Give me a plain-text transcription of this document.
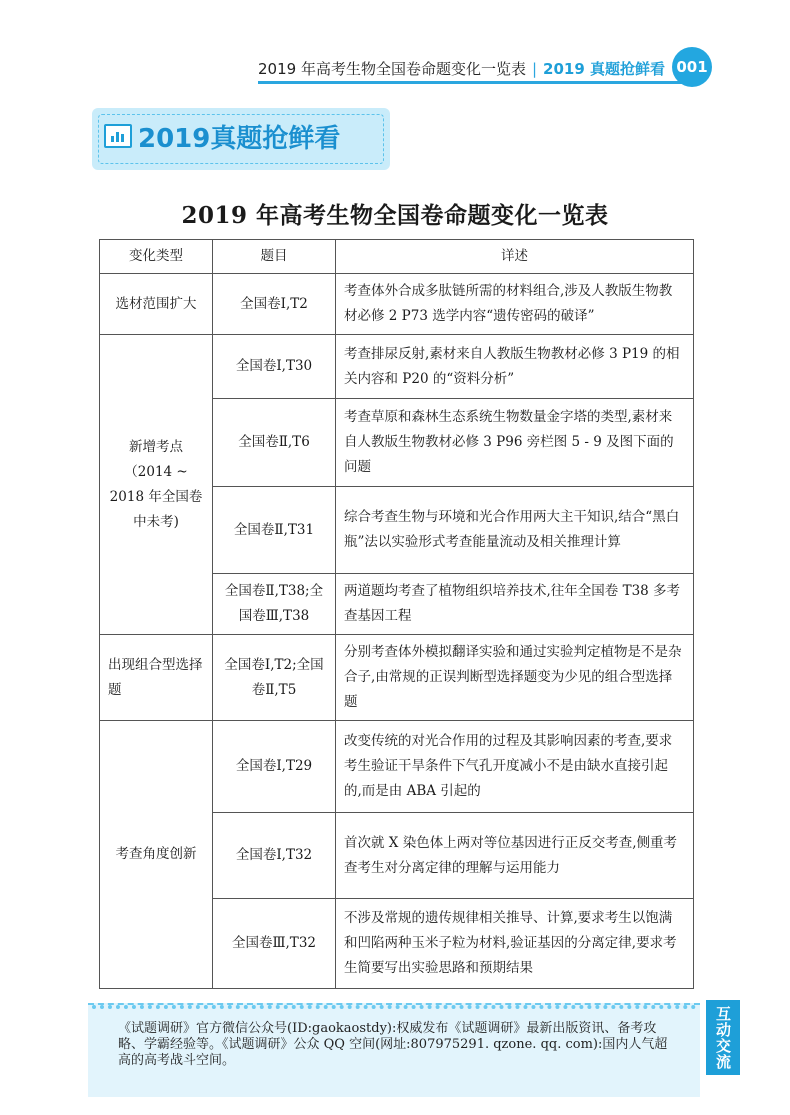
2019 年高考生物全国卷命题变化一览表 | 2019 真题抢鲜看 001
2019真题抢鲜看
2019 年高考生物全国卷命题变化一览表
变化类型	题目	详述
选材范围扩大	全国卷Ⅰ,T2	考查体外合成多肽链所需的材料组合,涉及人教版生物教材必修 2 P73 选学内容“遗传密码的破译”
新增考点（2014 ~ 2018 年全国卷中未考)	全国卷Ⅰ,T30	考查排尿反射,素材来自人教版生物教材必修 3 P19 的相关内容和 P20 的“资料分析”
	全国卷Ⅱ,T6	考查草原和森林生态系统生物数量金字塔的类型,素材来自人教版生物教材必修 3 P96 旁栏图 5 - 9 及图下面的问题
	全国卷Ⅱ,T31	综合考查生物与环境和光合作用两大主干知识,结合“黑白瓶”法以实验形式考查能量流动及相关推理计算
	全国卷Ⅱ,T38;全国卷Ⅲ,T38	两道题均考查了植物组织培养技术,往年全国卷 T38 多考查基因工程
出现组合型选择题	全国卷Ⅰ,T2;全国卷Ⅱ,T5	分别考查体外模拟翻译实验和通过实验判定植物是不是杂合子,由常规的正误判断型选择题变为少见的组合型选择题
考查角度创新	全国卷Ⅰ,T29	改变传统的对光合作用的过程及其影响因素的考查,要求考生验证干旱条件下气孔开度减小不是由缺水直接引起的,而是由 ABA 引起的
	全国卷Ⅰ,T32	首次就 X 染色体上两对等位基因进行正反交考查,侧重考查考生对分离定律的理解与运用能力
	全国卷Ⅲ,T32	不涉及常规的遗传规律相关推导、计算,要求考生以饱满和凹陷两种玉米子粒为材料,验证基因的分离定律,要求考生简要写出实验思路和预期结果
《试题调研》官方微信公众号(ID:gaokaostdy):权威发布《试题调研》最新出版资讯、备考攻略、学霸经验等。《试题调研》公众 QQ 空间(网址:807975291. qzone. qq. com):国内人气超高的高考战斗空间。	互动交流
